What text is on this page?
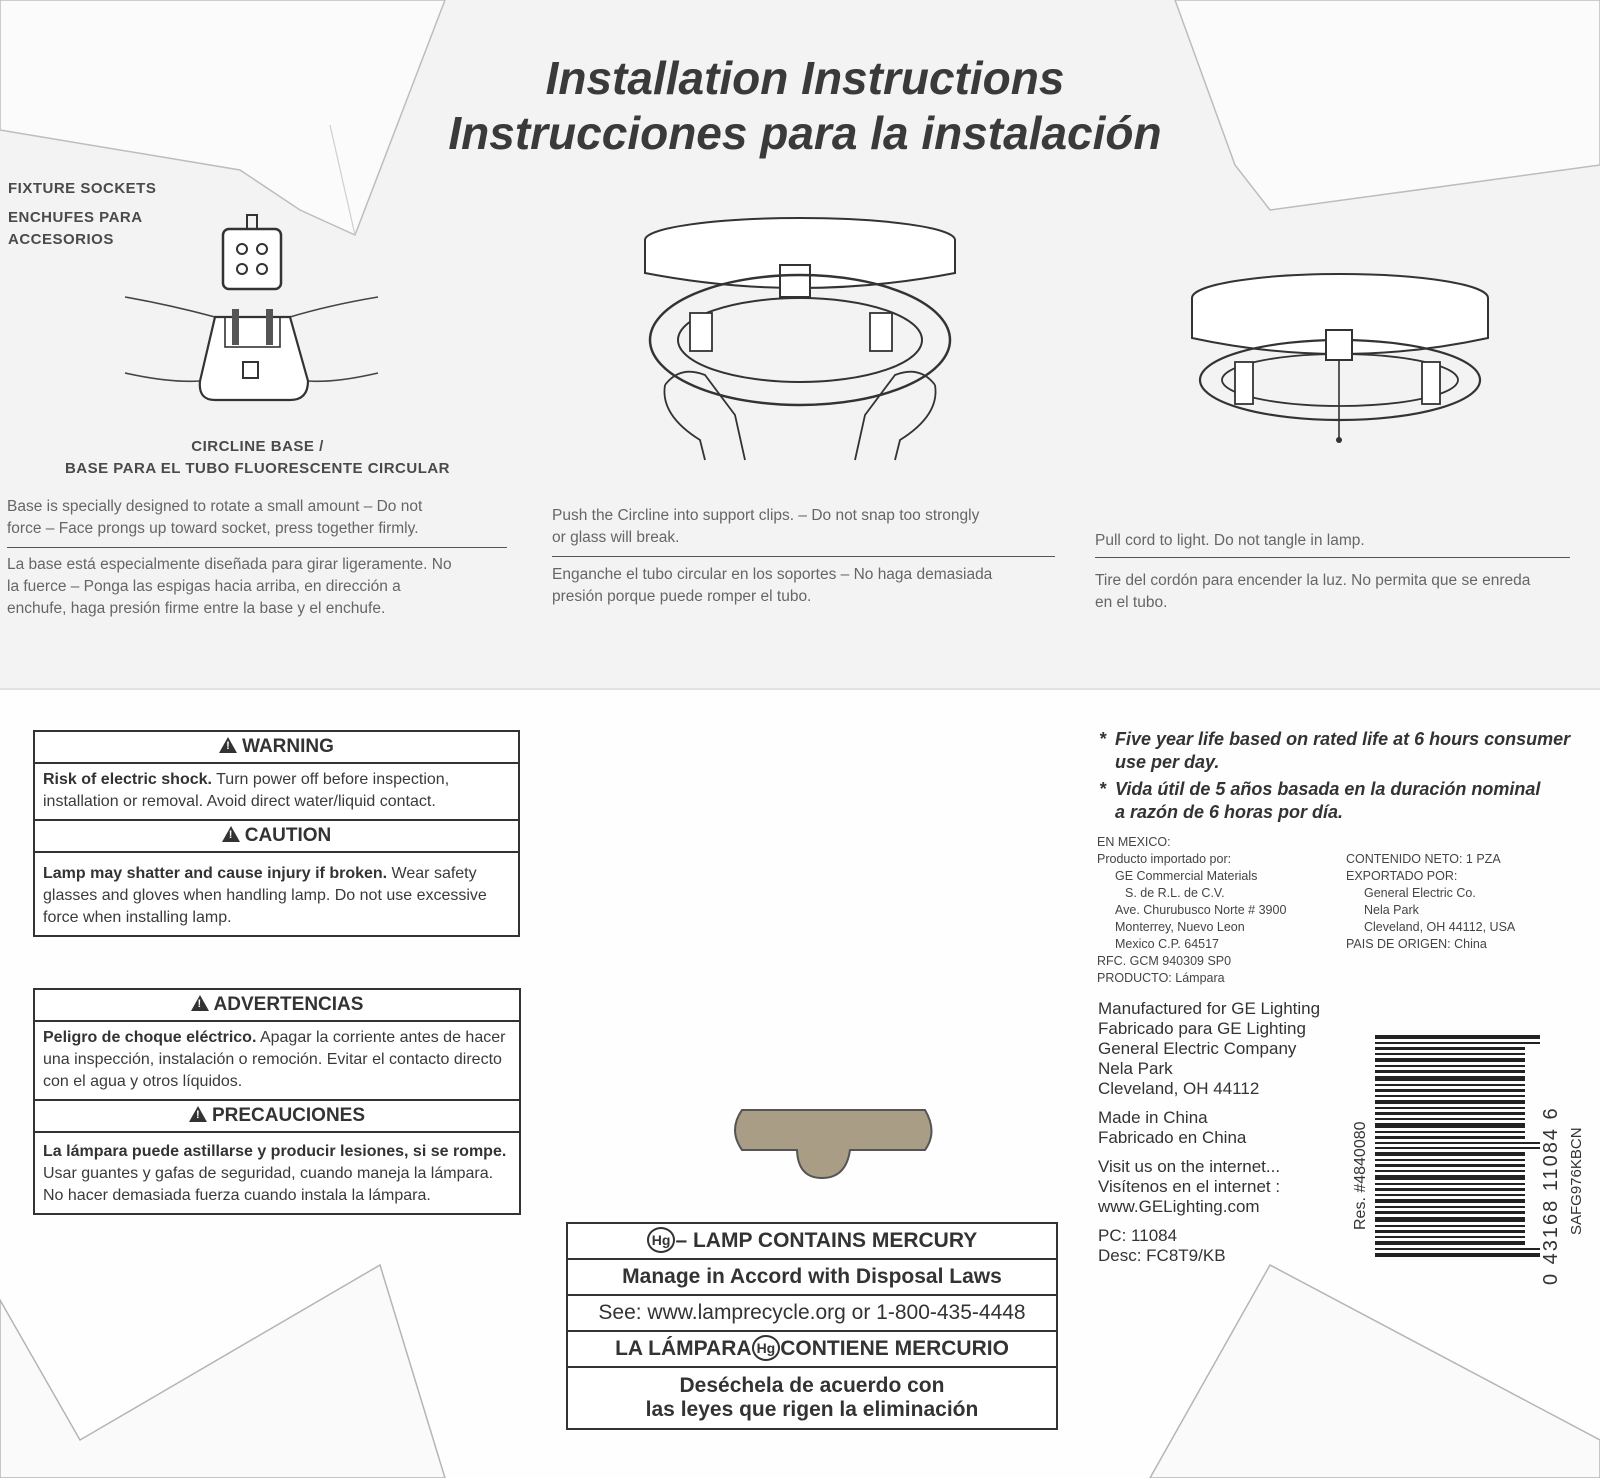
Installation Instructions
Instrucciones para la instalación
FIXTURE SOCKETS
ENCHUFES PARA
ACCESORIOS
CIRCLINE BASE /
BASE PARA EL TUBO FLUORESCENTE CIRCULAR

Base is specially designed to rotate a small amount – Do not

force – Face prongs up toward socket, press together firmly.

La base está especialmente diseñada para girar ligeramente. No

la fuerce – Ponga las espigas hacia arriba, en dirección a

enchufe, haga presión firme entre la base y el enchufe.

Push the Circline into support clips. – Do not snap too strongly

or glass will break.

Enganche el tubo circular en los soportes – No haga demasiada

presión porque puede romper el tubo.

Pull cord to light. Do not tangle in lamp.

Tire del cordón para encender la luz. No permita que se enreda

en el tubo.

!WARNING

Risk of electric shock. Turn power off before inspection, installation or removal. Avoid direct water/liquid contact.

!CAUTION

Lamp may shatter and cause injury if broken. Wear safety glasses and gloves when handling lamp. Do not use excessive force when installing lamp.

!ADVERTENCIAS

Peligro de choque eléctrico. Apagar la corriente antes de hacer una inspección, instalación o remoción. Evitar el contacto directo con el agua y otros líquidos.

!PRECAUCIONES

La lámpara puede astillarse y producir lesiones, si se rompe. Usar guantes y gafas de seguridad, cuando maneja la lámpara. No hacer demasiada fuerza cuando instala la lámpara.

Hg – LAMP CONTAINS MERCURY
Manage in Accord with Disposal Laws
See: www.lamprecycle.org or 1-800-435-4448
LA LÁMPARA Hg CONTIENE MERCURIO
Deséchela de acuerdo con
las leyes que rigen la eliminación
* Five year life based on rated life at 6 hours consumer
use per day.
* Vida útil de 5 años basada en la duración nominal
a razón de 6 horas por día.
EN MEXICO:
Producto importado por:
GE Commercial Materials
S. de R.L. de C.V.
Ave. Churubusco Norte # 3900
Monterrey, Nuevo Leon
Mexico C.P. 64517
RFC. GCM 940309 SP0
PRODUCTO: Lámpara
CONTENIDO NETO: 1 PZA
EXPORTADO POR:
General Electric Co.
Nela Park
Cleveland, OH 44112, USA
PAIS DE ORIGEN: China
Manufactured for GE Lighting
Fabricado para GE Lighting
General Electric Company
Nela Park
Cleveland, OH 44112
Made in China
Fabricado en China
Visit us on the internet...
Visítenos en el internet :
www.GELighting.com
PC: 11084
Desc: FC8T9/KB
Res. #4840080	0 43168 11084 6 SAFG976KBCN
